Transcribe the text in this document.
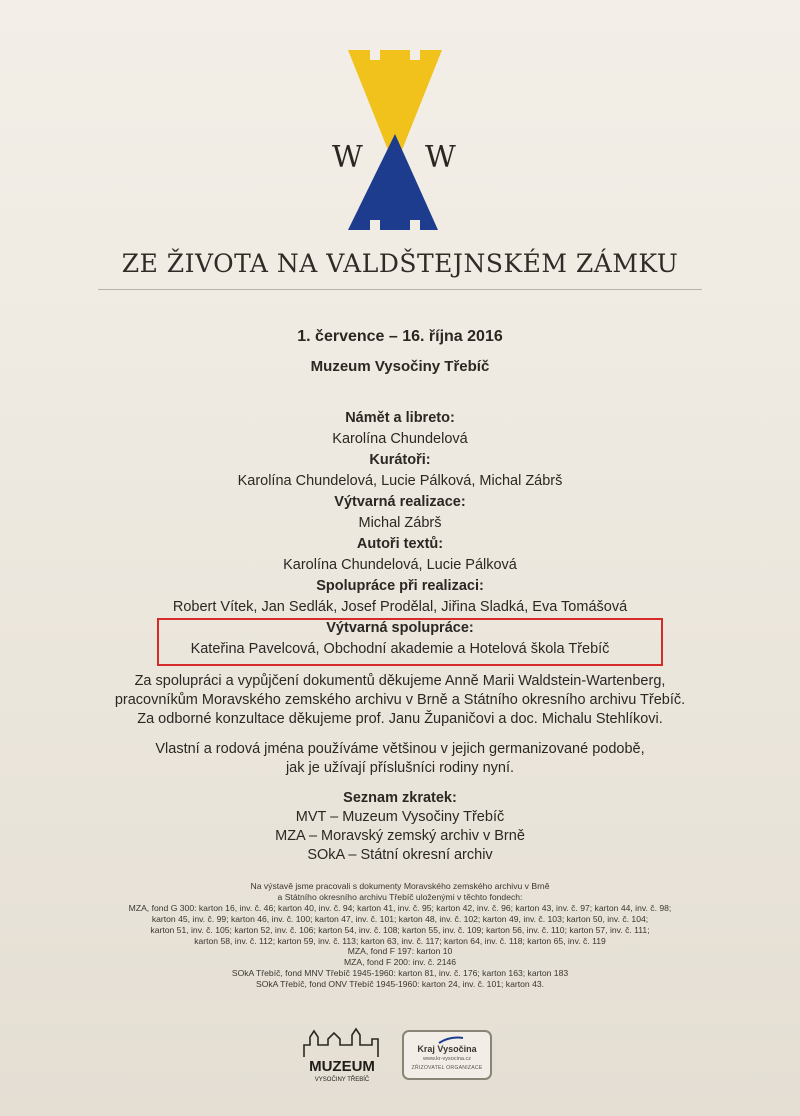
W W
ZE ŽIVOTA NA VALDŠTEJNSKÉM ZÁMKU
1. července – 16. října 2016
Muzeum Vysočiny Třebíč
Námět a libreto:
Karolína Chundelová
Kurátoři:
Karolína Chundelová, Lucie Pálková, Michal Zábrš
Výtvarná realizace:
Michal Zábrš
Autoři textů:
Karolína Chundelová, Lucie Pálková
Spolupráce při realizaci:
Robert Vítek, Jan Sedlák, Josef Prodělal, Jiřina Sladká, Eva Tomášová
Výtvarná spolupráce:
Kateřina Pavelcová, Obchodní akademie a Hotelová škola Třebíč
Za spolupráci a vypůjčení dokumentů děkujeme Anně Marii Waldstein-Wartenberg,
pracovníkům Moravského zemského archivu v Brně a Státního okresního archivu Třebíč.
Za odborné konzultace děkujeme prof. Janu Županičovi a doc. Michalu Stehlíkovi.
Vlastní a rodová jména používáme většinou v jejich germanizované podobě,
jak je užívají příslušníci rodiny nyní.
Seznam zkratek:
MVT – Muzeum Vysočiny Třebíč
MZA – Moravský zemský archiv v Brně
SOkA – Státní okresní archiv
Na výstavě jsme pracovali s dokumenty Moravského zemského archivu v Brně
a Státního okresního archivu Třebíč uloženými v těchto fondech:
MZA, fond G 300: karton 16, inv. č. 46; karton 40, inv. č. 94; karton 41, inv. č. 95; karton 42, inv. č. 96; karton 43, inv. č. 97; karton 44, inv. č. 98;
karton 45, inv. č. 99; karton 46, inv. č. 100; karton 47, inv. č. 101; karton 48, inv. č. 102; karton 49, inv. č. 103; karton 50, inv. č. 104;
karton 51, inv. č. 105; karton 52, inv. č. 106; karton 54, inv. č. 108; karton 55, inv. č. 109; karton 56, inv. č. 110; karton 57, inv. č. 111;
karton 58, inv. č. 112; karton 59, inv. č. 113; karton 63, inv. č. 117; karton 64, inv. č. 118; karton 65, inv. č. 119
MZA, fond F 197: karton 10
MZA, fond F 200: inv. č. 2146
SOkA Třebíč, fond MNV Třebíč 1945-1960: karton 81, inv. č. 176; karton 163; karton 183
SOkA Třebíč, fond ONV Třebíč 1945-1960: karton 24, inv. č. 101; karton 43.
MUZEUM
VYSOČINY TŘEBÍČ
Kraj Vysočina
www.kr-vysocina.cz
ZŘIZOVATEL ORGANIZACE
